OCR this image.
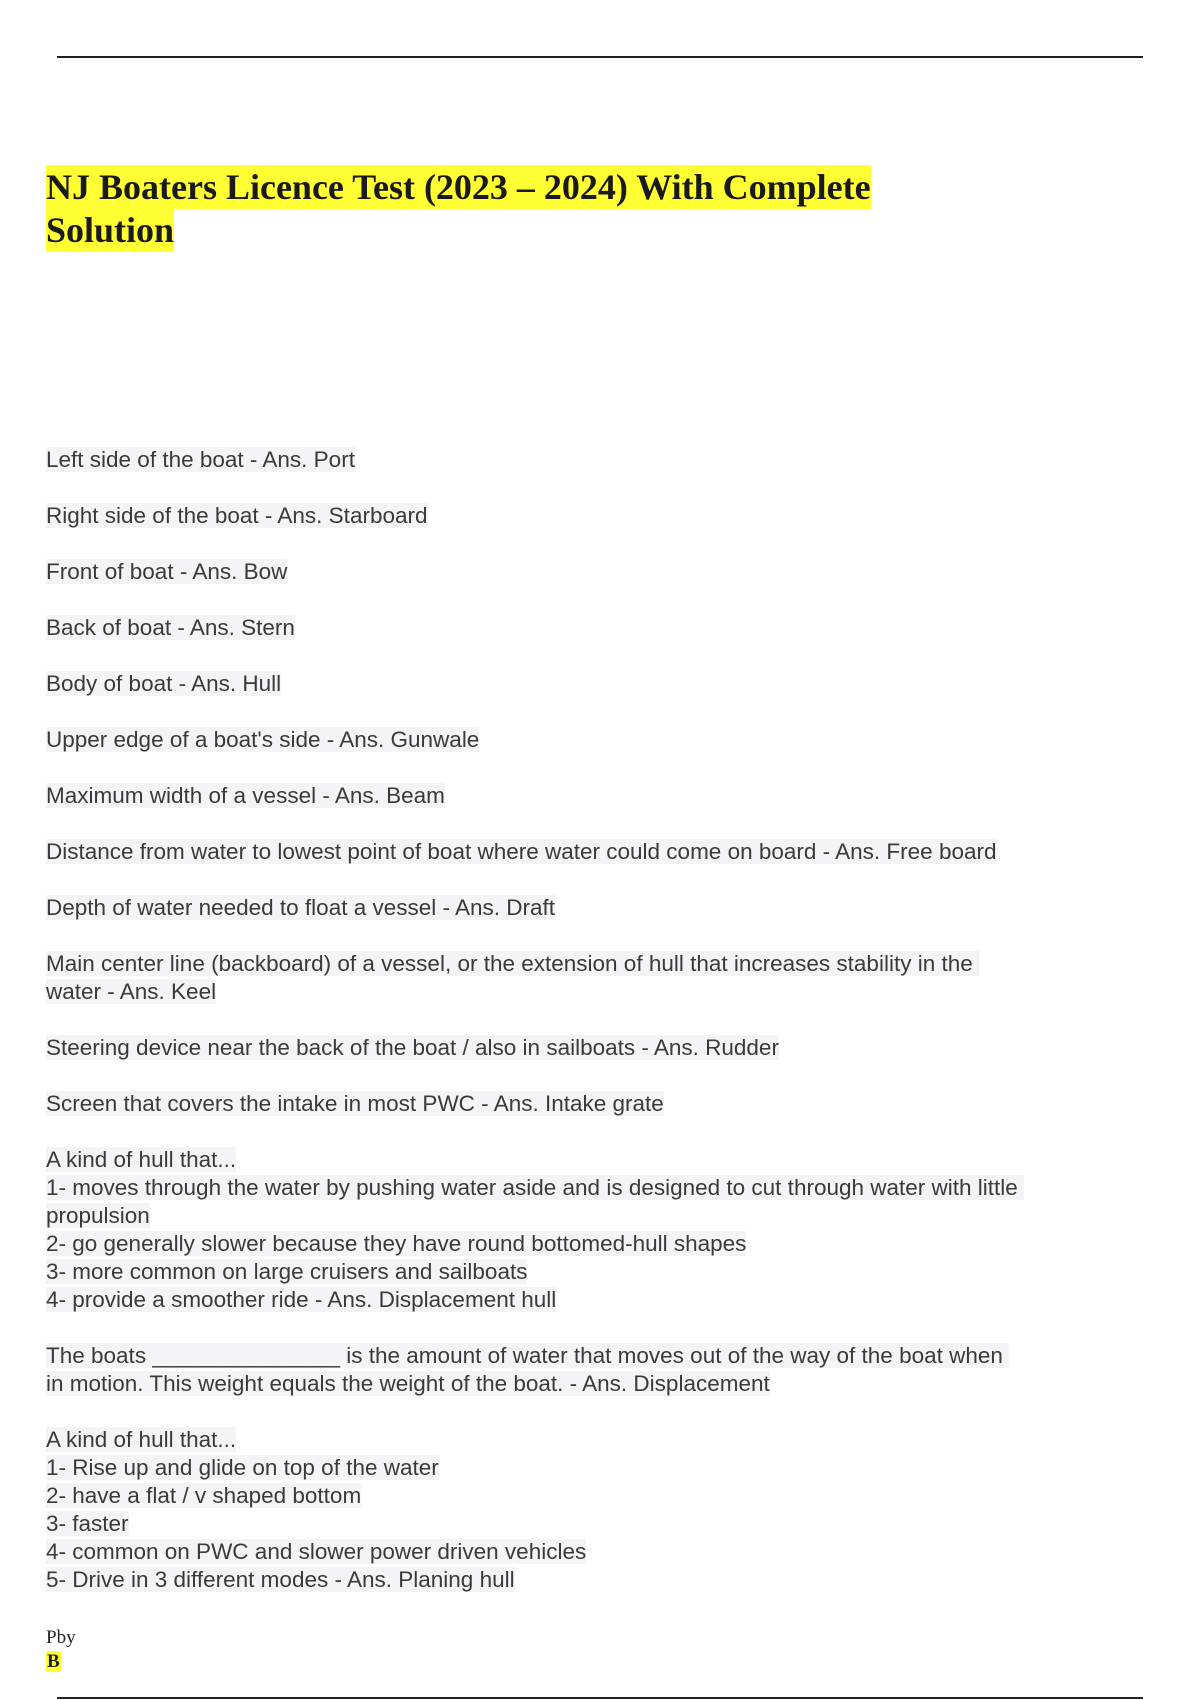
NJ Boaters Licence Test (2023 – 2024) With Complete Solution
Left side of the boat - Ans. Port
Right side of the boat - Ans. Starboard
Front of boat - Ans. Bow
Back of boat - Ans. Stern
Body of boat - Ans. Hull
Upper edge of a boat's side - Ans. Gunwale
Maximum width of a vessel - Ans. Beam
Distance from water to lowest point of boat where water could come on board - Ans. Free board
Depth of water needed to float a vessel - Ans. Draft
Main center line (backboard) of a vessel, or the extension of hull that increases stability in the water - Ans. Keel
Steering device near the back of the boat / also in sailboats - Ans. Rudder
Screen that covers the intake in most PWC - Ans. Intake grate
A kind of hull that...
1- moves through the water by pushing water aside and is designed to cut through water with little propulsion
2- go generally slower because they have round bottomed-hull shapes
3- more common on large cruisers and sailboats
4- provide a smoother ride - Ans. Displacement hull
The boats _______________ is the amount of water that moves out of the way of the boat when in motion. This weight equals the weight of the boat. - Ans. Displacement
A kind of hull that...
1- Rise up and glide on top of the water
2- have a flat / v shaped bottom
3- faster
4- common on PWC and slower power driven vehicles
5- Drive in 3 different modes - Ans. Planing hull
Pby
B
